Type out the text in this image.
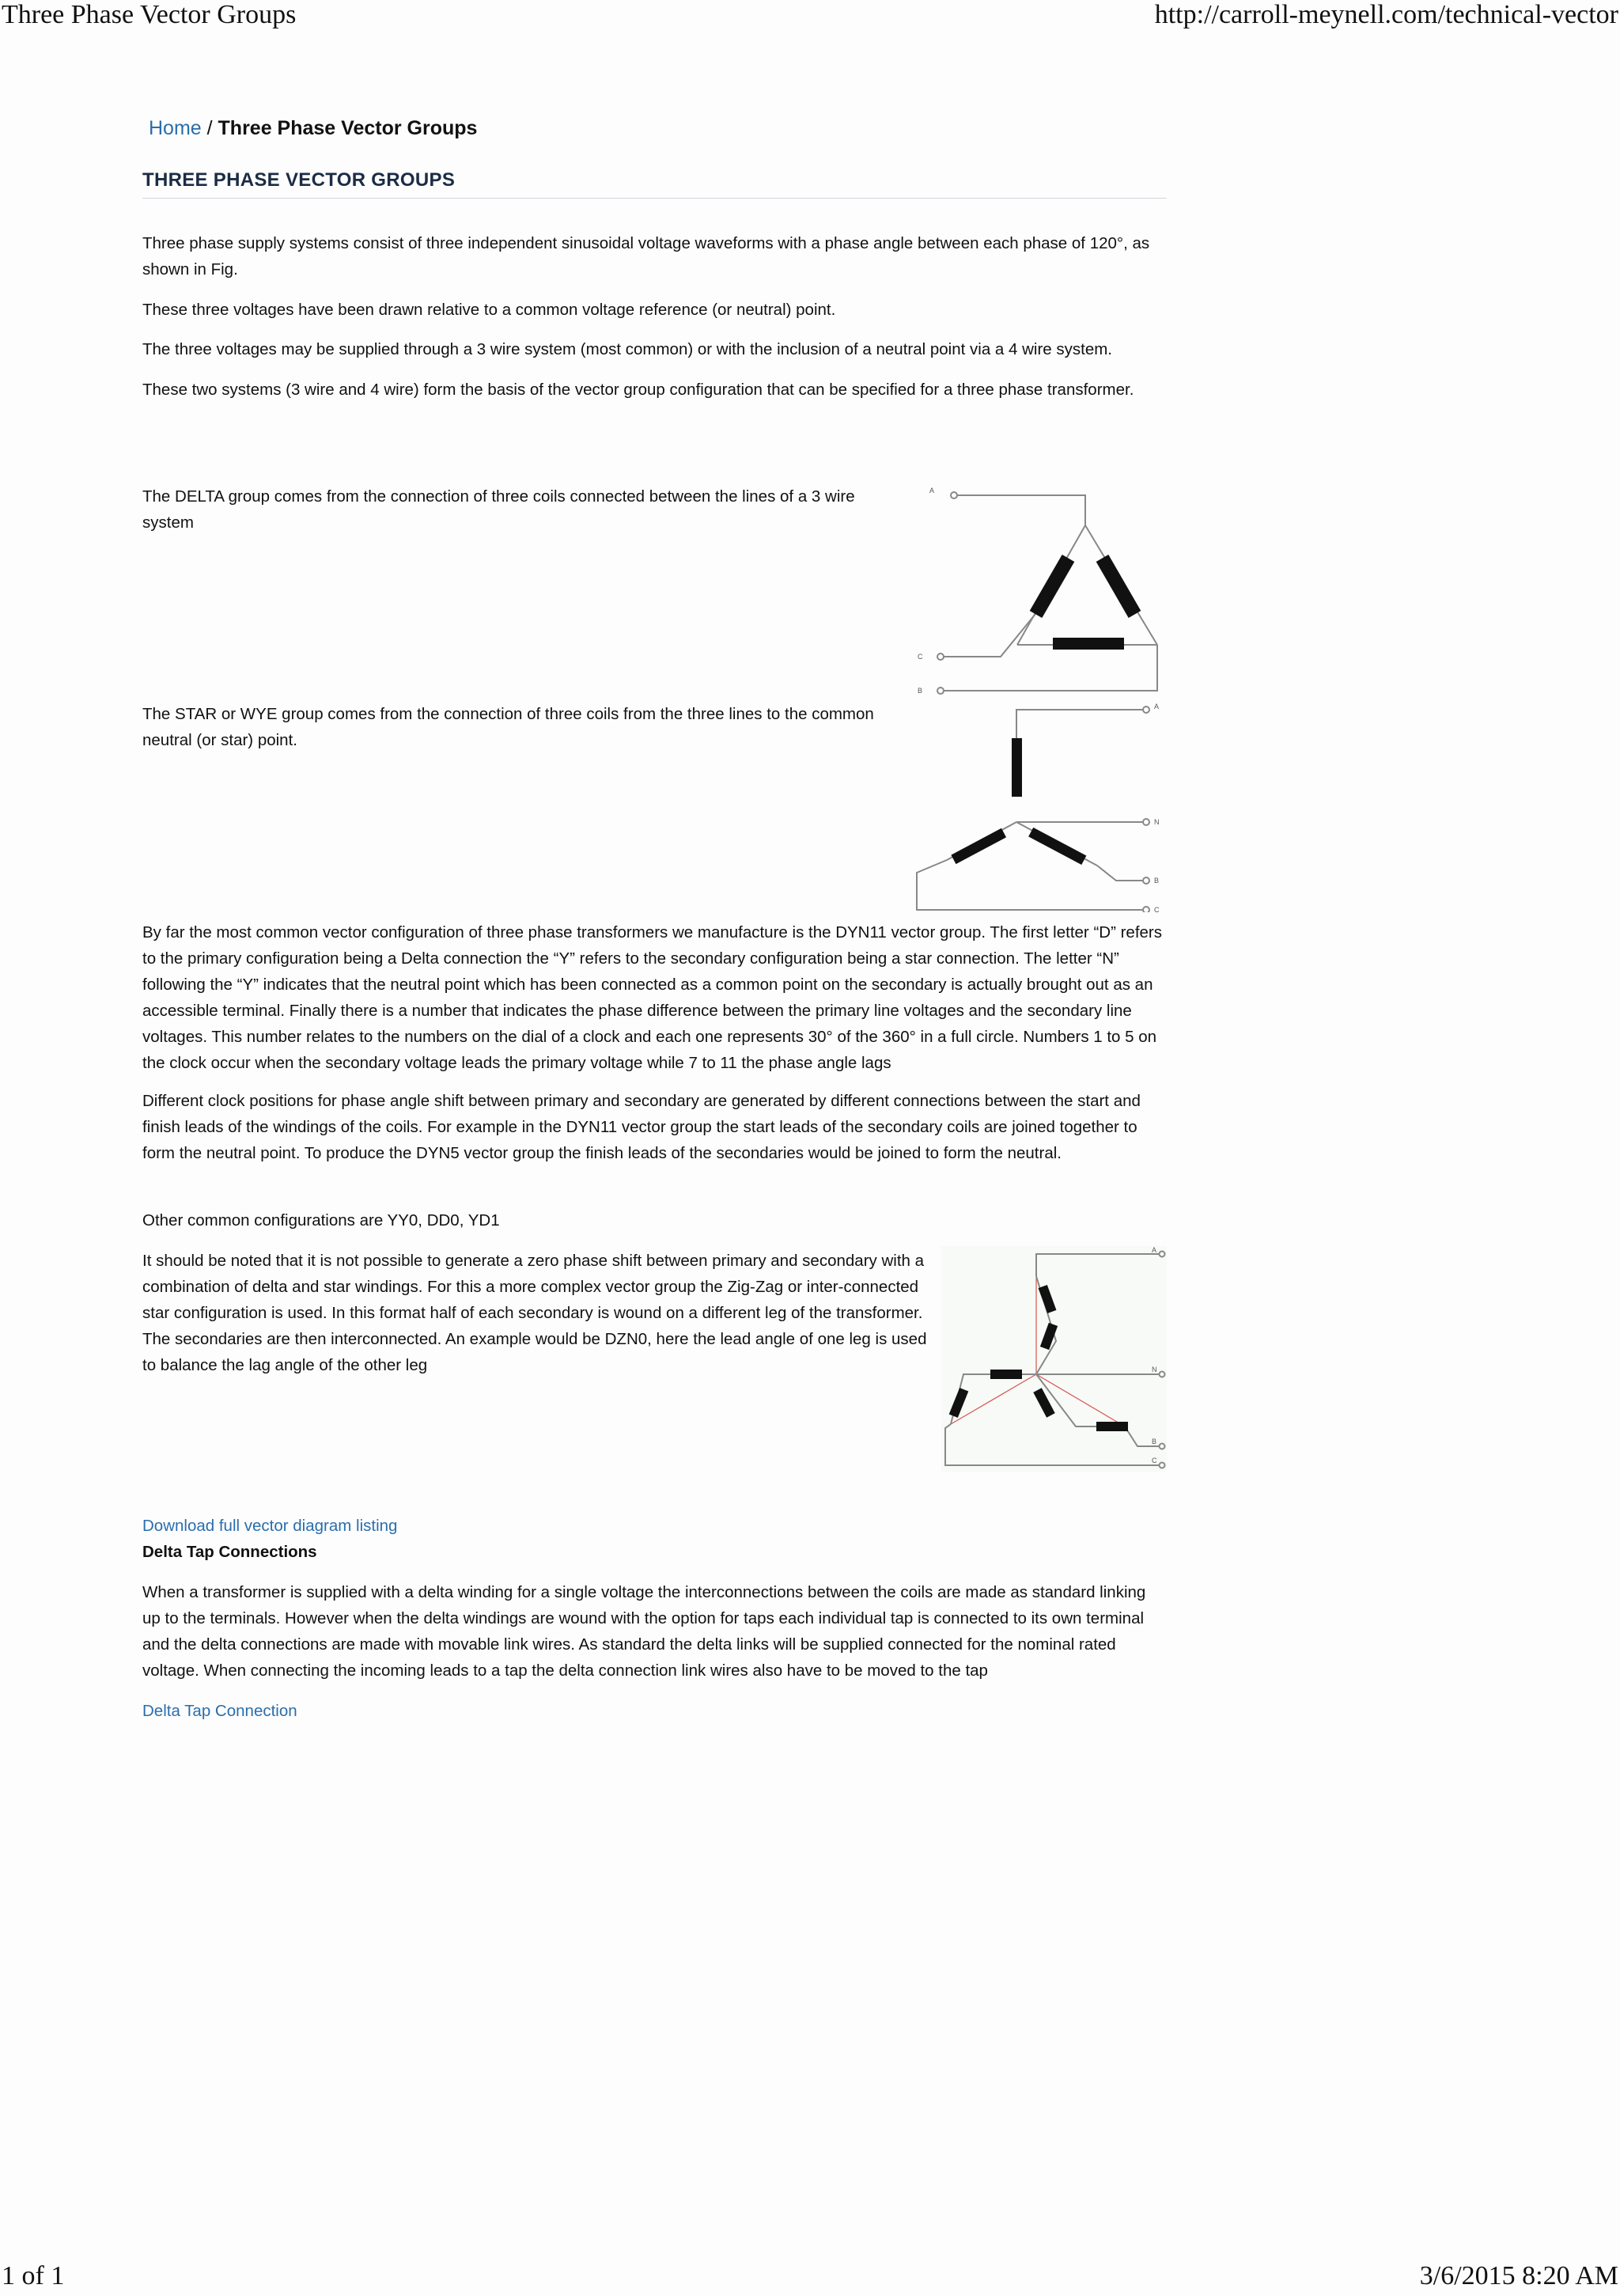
Three Phase Vector Groups	http://carroll-meynell.com/technical-vector
Home / Three Phase Vector Groups
THREE PHASE VECTOR GROUPS

Three phase supply systems consist of three independent sinusoidal voltage waveforms with a phase angle between each phase of 120°, as shown in Fig.

These three voltages have been drawn relative to a common voltage reference (or neutral) point.

The three voltages may be supplied through a 3 wire system (most common) or with the inclusion of a neutral point via a 4 wire system.

These two systems (3 wire and 4 wire) form the basis of the vector group configuration that can be specified for a three phase transformer.

The DELTA group comes from the connection of three coils connected between the lines of a 3 wire system

The STAR or WYE group comes from the connection of three coils from the three lines to the common neutral (or star) point.

By far the most common vector configuration of three phase transformers we manufacture is the DYN11 vector group. The first letter “D” refers to the primary configuration being a Delta connection the “Y” refers to the secondary configuration being a star connection. The letter “N” following the “Y” indicates that the neutral point which has been connected as a common point on the secondary is actually brought out as an accessible terminal. Finally there is a number that indicates the phase difference between the primary line voltages and the secondary line voltages. This number relates to the numbers on the dial of a clock and each one represents 30° of the 360° in a full circle. Numbers 1 to 5 on the clock occur when the secondary voltage leads the primary voltage while 7 to 11 the phase angle lags

Different clock positions for phase angle shift between primary and secondary are generated by different connections between the start and finish leads of the windings of the coils. For example in the DYN11 vector group the start leads of the secondary coils are joined together to form the neutral point. To produce the DYN5 vector group the finish leads of the secondaries would be joined to form the neutral.

Other common configurations are YY0, DD0, YD1

It should be noted that it is not possible to generate a zero phase shift between primary and secondary with a combination of delta and star windings. For this a more complex vector group the Zig-Zag or inter-connected star configuration is used. In this format half of each secondary is wound on a different leg of the transformer. The secondaries are then interconnected. An example would be DZN0, here the lead angle of one leg is used to balance the lag angle of the other leg

Download full vector diagram listing
Delta Tap Connections

When a transformer is supplied with a delta winding for a single voltage the interconnections between the coils are made as standard linking up to the terminals. However when the delta windings are wound with the option for taps each individual tap is connected to its own terminal and the delta connections are made with movable link wires. As standard the delta links will be supplied connected for the nominal rated voltage. When connecting the incoming leads to a tap the delta connection link wires also have to be moved to the tap

Delta Tap Connection
A
C
B
A
N
B
C
A
N
B
C
1 of 1	3/6/2015 8:20 AM
